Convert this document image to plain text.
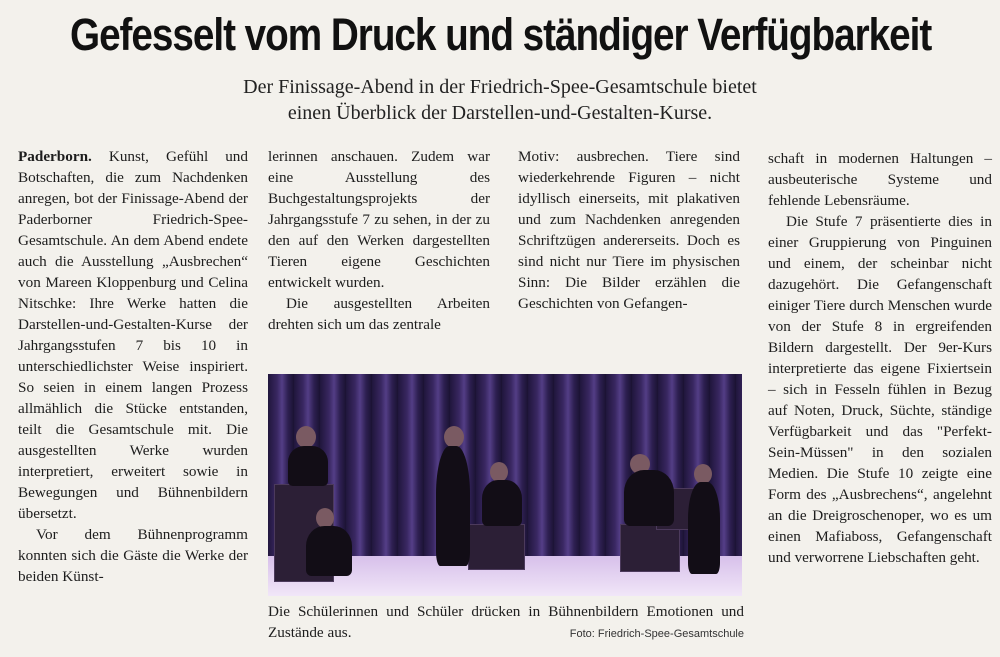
Gefesselt vom Druck und ständiger Verfügbarkeit
Der Finissage-Abend in der Friedrich-Spee-Gesamtschule bietet
einen Überblick der Darstellen-und-Gestalten-Kurse.

Paderborn. Kunst, Gefühl und Botschaften, die zum Nachdenken anregen, bot der Finissage-Abend der Paderborner Friedrich-Spee-Gesamtschule. An dem Abend endete auch die Ausstellung „Ausbrechen“ von Mareen Kloppenburg und Celina Nitschke: Ihre Werke hatten die Darstellen-und-Gestalten-Kurse der Jahrgangsstufen 7 bis 10 in unterschiedlichster Weise inspiriert. So seien in einem langen Prozess allmählich die Stücke entstanden, teilt die Gesamtschule mit. Die ausgestellten Werke wurden interpretiert, erweitert sowie in Bewegungen und Bühnenbildern übersetzt.

Vor dem Bühnenprogramm konnten sich die Gäste die Werke der beiden Künst-

lerinnen anschauen. Zudem war eine Ausstellung des Buchgestaltungsprojekts der Jahrgangsstufe 7 zu sehen, in der zu den auf den Werken dargestellten Tieren eigene Geschichten entwickelt wurden.

Die ausgestellten Arbeiten drehten sich um das zentrale

Motiv: ausbrechen. Tiere sind wiederkehrende Figuren – nicht idyllisch einerseits, mit plakativen und zum Nachdenken anregenden Schriftzügen andererseits. Doch es sind nicht nur Tiere im physischen Sinn: Die Bilder erzählen die Geschichten von Gefangen-

schaft in modernen Haltungen – ausbeuterische Systeme und fehlende Lebensräume.

Die Stufe 7 präsentierte dies in einer Gruppierung von Pinguinen und einem, der scheinbar nicht dazugehört. Die Gefangenschaft einiger Tiere durch Menschen wurde von der Stufe 8 in ergreifenden Bildern dargestellt. Der 9er-Kurs interpretierte das eigene Fixiertsein – sich in Fesseln fühlen in Bezug auf Noten, Druck, Süchte, ständige Verfügbarkeit und das "Perfekt-Sein-Müssen" in den sozialen Medien. Die Stufe 10 zeigte eine Form des „Ausbrechens“, angelehnt an die Dreigroschenoper, wo es um einen Mafiaboss, Gefangenschaft und verworrene Liebschaften geht.

Die Schülerinnen und Schüler drücken in Bühnenbildern Emotionen und Zustände aus.	Foto: Friedrich-Spee-Gesamtschule
